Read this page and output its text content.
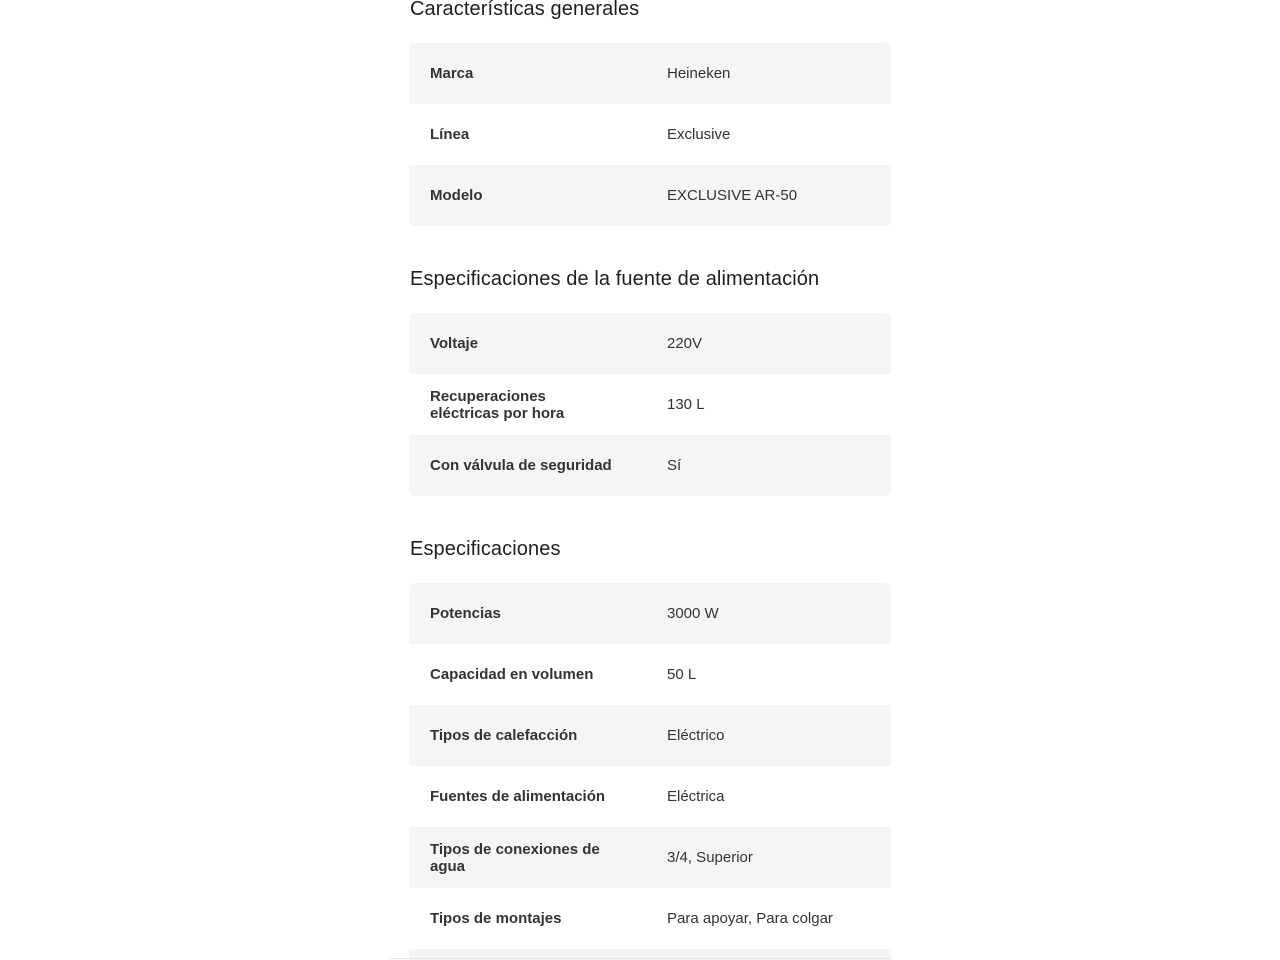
Características generales
Marca	Heineken
Línea	Exclusive
Modelo	EXCLUSIVE AR-50
Especificaciones de la fuente de alimentación
Voltaje	220V
Recuperaciones eléctricas por hora	130 L
Con válvula de seguridad	Sí
Especificaciones
Potencias	3000 W
Capacidad en volumen	50 L
Tipos de calefacción	Eléctrico
Fuentes de alimentación	Eléctrica
Tipos de conexiones de agua	3/4, Superior
Tipos de montajes	Para apoyar, Para colgar
